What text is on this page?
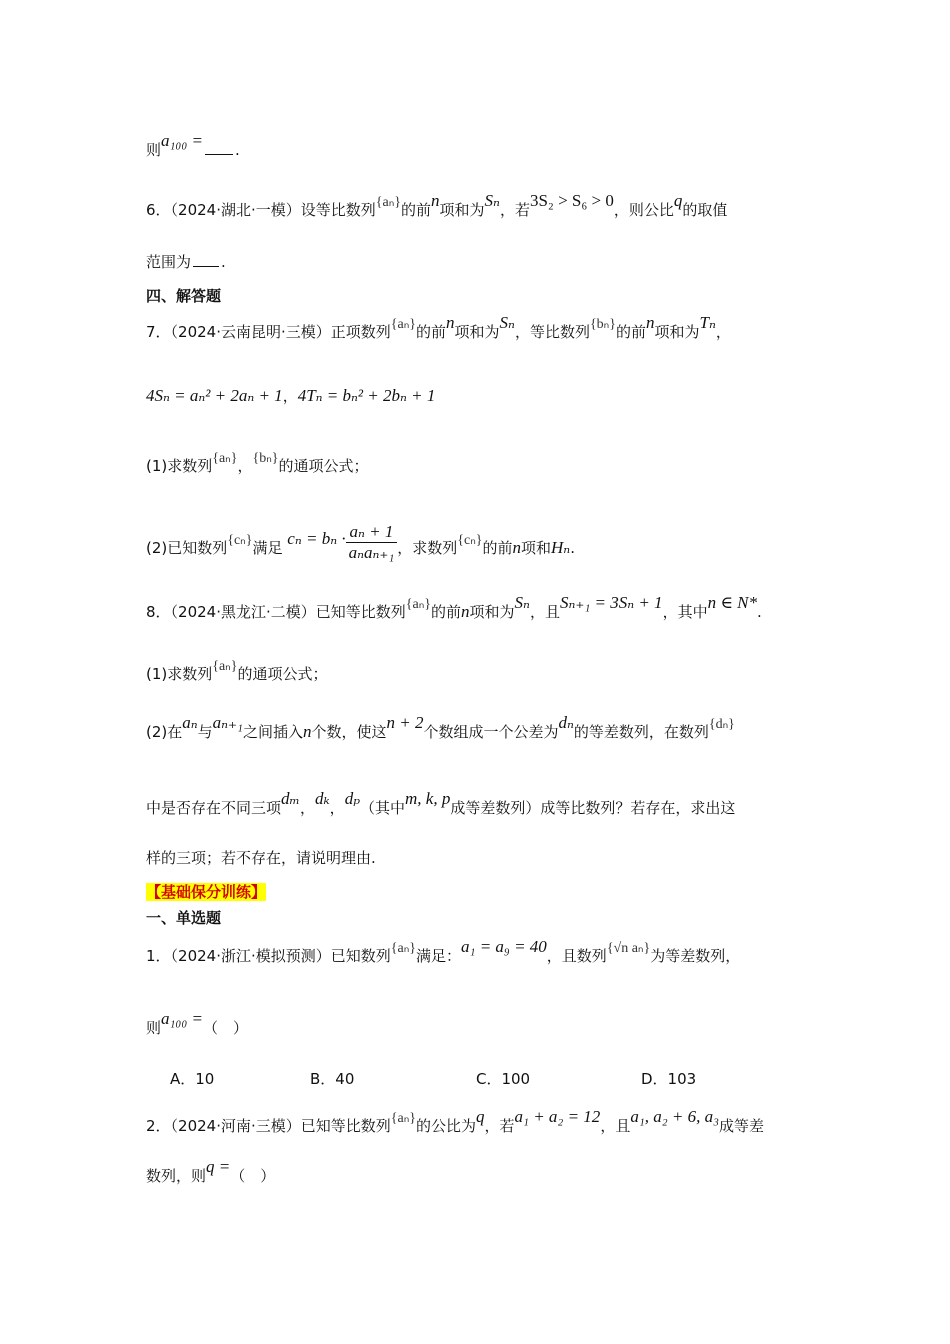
则a₁₀₀ = .
6．（2024·湖北·一模）设等比数列{aₙ}的前n项和为Sₙ，若3S₂ > S₆ > 0，则公比q的取值
范围为 .
四、解答题
7．（2024·云南昆明·三模）正项数列{aₙ}的前n项和为Sₙ，等比数列{bₙ}的前n项和为Tₙ，
4Sₙ = aₙ² + 2aₙ + 1，4Tₙ = bₙ² + 2bₙ + 1
(1)求数列{aₙ}，{bₙ}的通项公式；
(2)已知数列{cₙ}满足 $c_n = b_n \cdot \frac{\text{aₙ + 1}}{\text{aₙaₙ₊₁}}$ ，求数列{cₙ}的前n项和Hₙ.
8．（2024·黑龙江·二模）已知等比数列{aₙ}的前n项和为Sₙ，且Sₙ₊₁ = 3Sₙ + 1，其中n ∈ N*.
(1)求数列{aₙ}的通项公式；
(2)在aₙ与aₙ₊₁之间插入n个数，使这n + 2个数组成一个公差为dₙ的等差数列，在数列{dₙ}
中是否存在不同三项dₘ，dₖ，dₚ（其中m, k, p成等差数列）成等比数列？若存在，求出这
样的三项；若不存在，请说明理由.
【基础保分训练】
一、单选题
1．（2024·浙江·模拟预测）已知数列{aₙ}满足：a₁ = a₉ = 40，且数列{√n aₙ}为等差数列，
则a₁₀₀ =（　）
A．10	B．40	C．100	D．103
2．（2024·河南·三模）已知等比数列{aₙ}的公比为q，若a₁ + a₂ = 12，且a₁, a₂ + 6, a₃成等差
数列，则q =（　）
